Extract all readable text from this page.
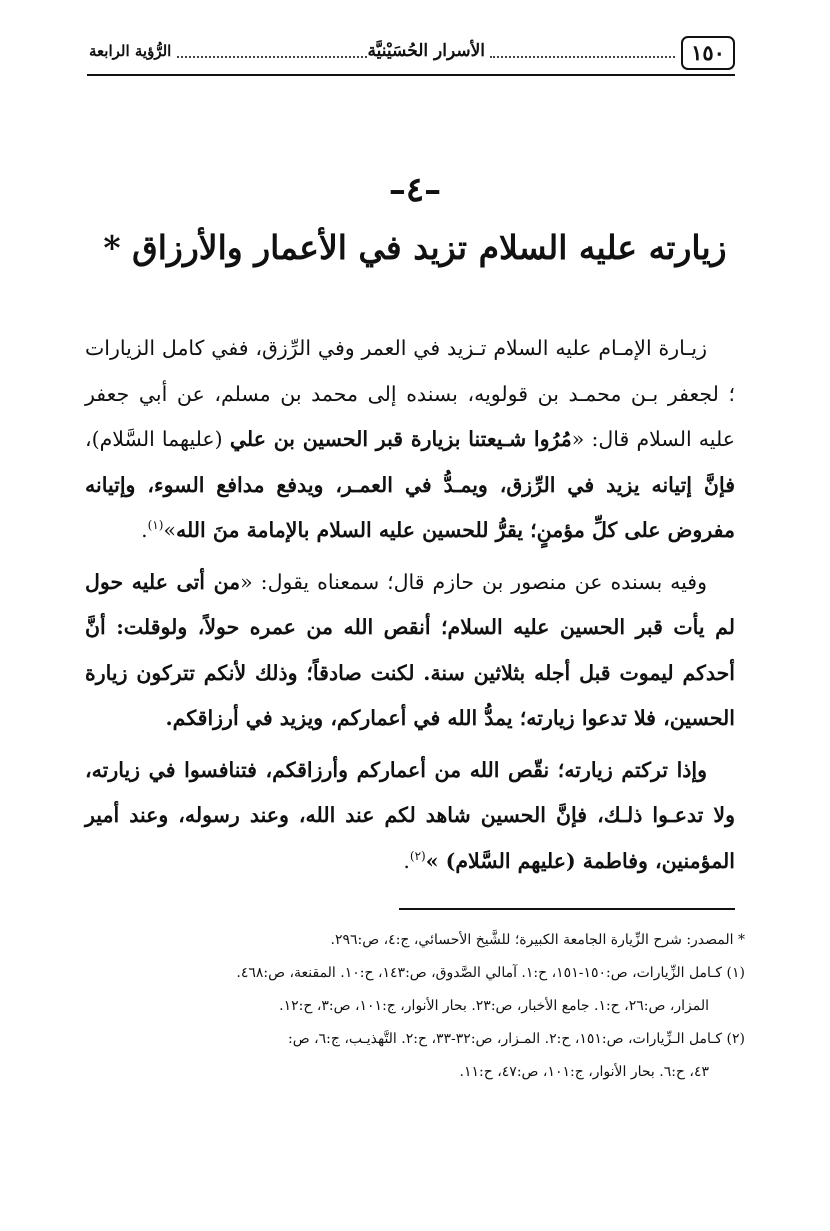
١٥٠
الأسرار الحُسَيْنيَّة
الرُّؤية الرابعة
–٤–
زيارته عليه السلام تزيد في الأعمار والأرزاق *

زيـارة الإمـام عليه السلام تـزيد في العمر وفي الرِّزق، ففي كامل الزيارات ؛ لجعفر بـن محمـد بن قولويه، بسنده إلى محمد بن مسلم، عن أبي جعفر عليه السلام قال: «مُرُوا شـيعتنا بزيارة قبر الحسين بن علي (عليهما السَّلام)، فإنَّ إتيانه يزيد في الرِّزق، ويمـدُّ في العمـر، ويدفع مدافع السوء، وإتيانه مفروض على كلِّ مؤمنٍ؛ يقرُّ للحسين عليه السلام بالإمامة منَ الله»$^{(١)}$.

وفيه بسنده عن منصور بن حازم قال؛ سمعناه يقول: «من أتى عليه حول لم يأت قبر الحسين عليه السلام؛ أنقص الله من عمره حولاً، ولوقلت: أنَّ أحدكم ليموت قبل أجله بثلاثين سنة. لكنت صادقاً؛ وذلك لأنكم تتركون زيارة الحسين، فلا تدعوا زيارته؛ يمدُّ الله في أعماركم، ويزيد في أرزاقكم.

وإذا تركتم زيارته؛ نقّص الله من أعماركم وأرزاقكم، فتنافسوا في زيارته، ولا تدعـوا ذلـك، فإنَّ الحسين شاهد لكم عند الله، وعند رسوله، وعند أمير المؤمنين، وفاطمة (عليهم السَّلام) »$^{(٢)}$.

* المصدر: شرح الزِّيارة الجامعة الكبيرة؛ للشَّيخ الأحسائي، ج:٤، ص:٢٩٦.

(١) كـامل الزِّيارات، ص:١٥٠-١٥١، ح:١. آمالي الصَّدوق، ص:١٤٣، ح:١٠. المقنعة، ص:٤٦٨.
المزار، ص:٢٦، ح:١. جامع الأخبار، ص:٢٣. بحار الأنوار، ج:١٠١، ص:٣، ح:١٢.

(٢) كـامل الـزِّيارات، ص:١٥١، ح:٢. المـزار، ص:٣٢-٣٣، ح:٢. التَّهذيـب، ج:٦، ص:
٤٣، ح:٦. بحار الأنوار، ج:١٠١، ص:٤٧، ح:١١.
